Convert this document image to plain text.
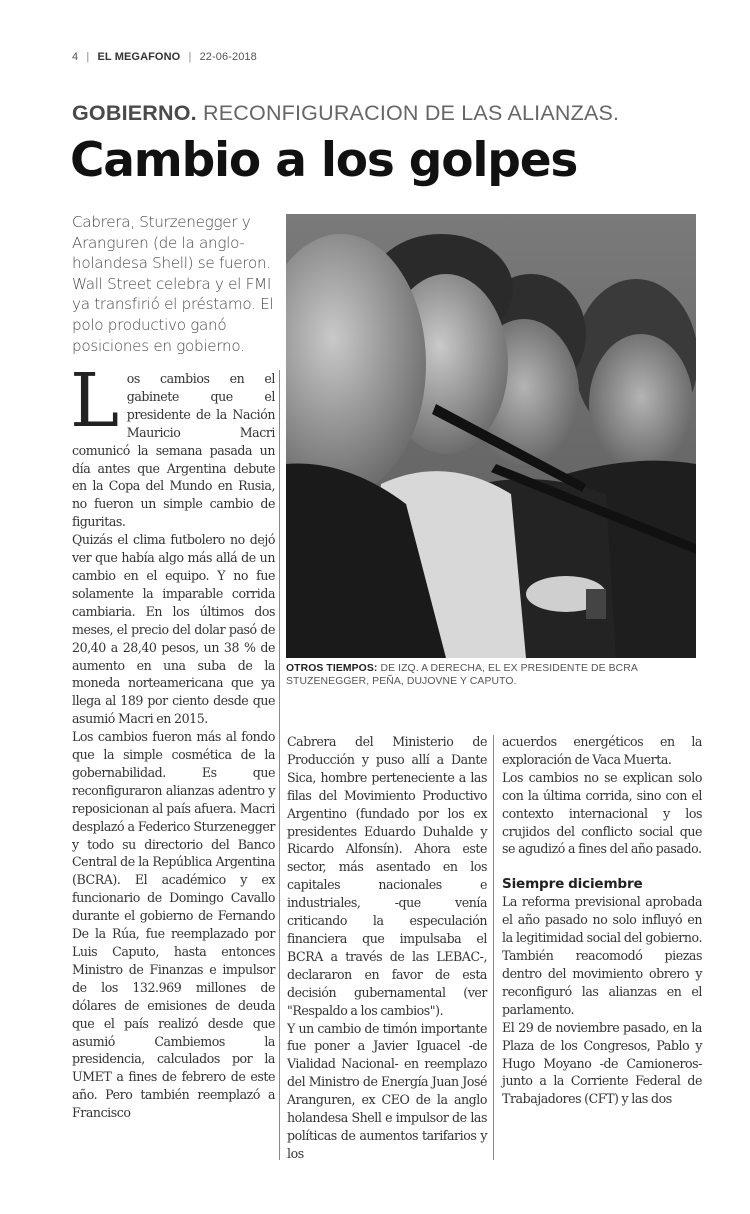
4 | EL MEGAFONO | 22-06-2018
GOBIERNO. RECONFIGURACION DE LAS ALIANZAS.
Cambio a los golpes
Cabrera, Sturzenegger y Aranguren (de la anglo-holandesa Shell) se fueron. Wall Street celebra y el FMI ya transfirió el préstamo. El polo productivo ganó posiciones en gobierno.
OTROS TIEMPOS: DE IZQ. A DERECHA, EL EX PRESIDENTE DE BCRA STUZENEGGER, PEÑA, DUJOVNE Y CAPUTO.

Los cambios en el gabinete que el presidente de la Nación Mauricio Macri comunicó la semana pasada un día antes que Argentina debute en la Copa del Mundo en Rusia, no fueron un simple cambio de figuritas.

Quizás el clima futbolero no dejó ver que había algo más allá de un cambio en el equipo. Y no fue solamente la imparable corrida cambiaria. En los últimos dos meses, el precio del dolar pasó de 20,40 a 28,40 pesos, un 38 % de aumento en una suba de la moneda norteamericana que ya llega al 189 por ciento desde que asumió Macri en 2015.

Los cambios fueron más al fondo que la simple cosmética de la gobernabilidad. Es que reconfiguraron alianzas adentro y reposicionan al país afuera. Macri desplazó a Federico Sturzenegger y todo su directorio del Banco Central de la República Argentina (BCRA). El académico y ex funcionario de Domingo Cavallo durante el gobierno de Fernando De la Rúa, fue reemplazado por Luis Caputo, hasta entonces Ministro de Finanzas e impulsor de los 132.969 millones de dólares de emisiones de deuda que el país realizó desde que asumió Cambiemos la presidencia, calculados por la UMET a fines de febrero de este año. Pero también reemplazó a Francisco

Cabrera del Ministerio de Producción y puso allí a Dante Sica, hombre perteneciente a las filas del Movimiento Productivo Argentino (fundado por los ex presidentes Eduardo Duhalde y Ricardo Alfonsín). Ahora este sector, más asentado en los capitales nacionales e industriales, -que venía criticando la especulación financiera que impulsaba el BCRA a través de las LEBAC-, declararon en favor de esta decisión gubernamental (ver "Respaldo a los cambios").

Y un cambio de timón importante fue poner a Javier Iguacel -de Vialidad Nacional- en reemplazo del Ministro de Energía Juan José Aranguren, ex CEO de la anglo holandesa Shell e impulsor de las políticas de aumentos tarifarios y los

acuerdos energéticos en la exploración de Vaca Muerta.

Los cambios no se explican solo con la última corrida, sino con el contexto internacional y los crujidos del conflicto social que se agudizó a fines del año pasado.

Siempre diciembre

La reforma previsional aprobada el año pasado no solo influyó en la legitimidad social del gobierno. También reacomodó piezas dentro del movimiento obrero y reconfiguró las alianzas en el parlamento.

El 29 de noviembre pasado, en la Plaza de los Congresos, Pablo y Hugo Moyano -de Camioneros- junto a la Corriente Federal de Trabajadores (CFT) y las dos
